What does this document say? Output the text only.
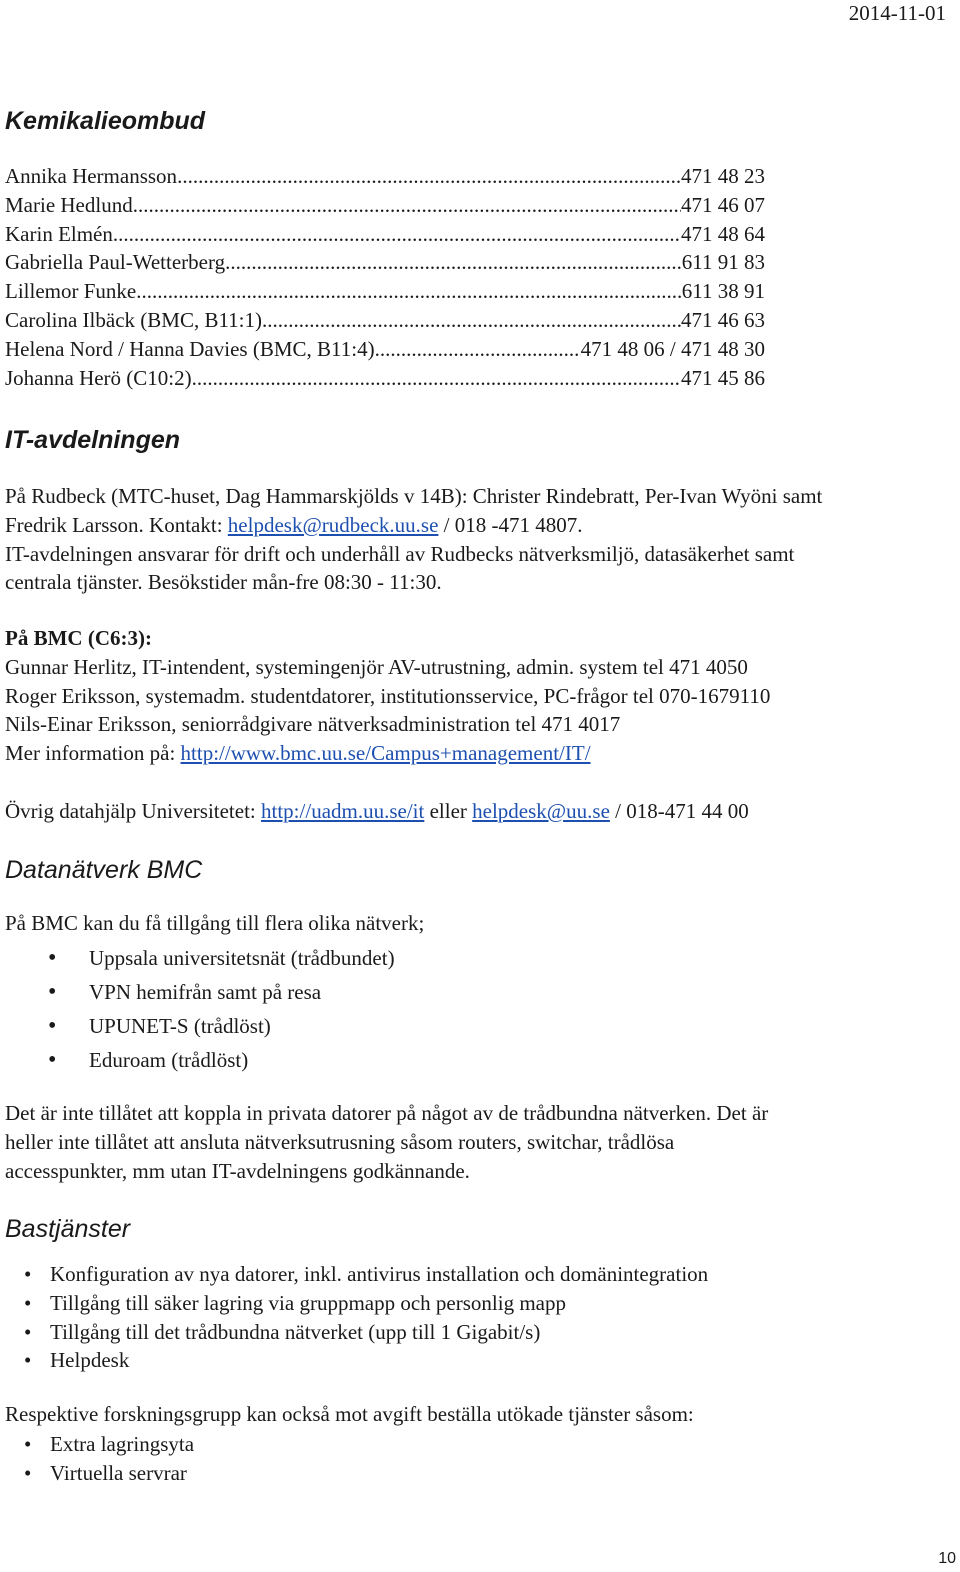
2014-11-01
Kemikalieombud
Annika Hermansson .....	471 48 23
Marie Hedlund .....	471 46 07
Karin Elmén .....	471 48 64
Gabriella Paul-Wetterberg .....	611 91 83
Lillemor Funke .....	611 38 91
Carolina Ilbäck (BMC, B11:1) .....	471 46 63
Helena Nord / Hanna Davies (BMC, B11:4) .....	471 48 06 / 471 48 30
Johanna Herö (C10:2) .....	471 45 86
IT-avdelningen
På Rudbeck (MTC-huset, Dag Hammarskjölds v 14B): Christer Rindebratt, Per-Ivan Wyöni samt
Fredrik Larsson. Kontakt: helpdesk@rudbeck.uu.se / 018 -471 4807.
IT-avdelningen ansvarar för drift och underhåll av Rudbecks nätverksmiljö, datasäkerhet samt
centrala tjänster. Besökstider mån-fre 08:30 - 11:30.
På BMC (C6:3):
Gunnar Herlitz, IT-intendent, systemingenjör AV-utrustning, admin. system tel 471 4050
Roger Eriksson, systemadm. studentdatorer, institutionsservice, PC-frågor tel 070-1679110
Nils-Einar Eriksson, seniorrådgivare nätverksadministration tel 471 4017
Mer information på: http://www.bmc.uu.se/Campus+management/IT/
Övrig datahjälp Universitetet: http://uadm.uu.se/it eller helpdesk@uu.se / 018-471 44 00
Datanätverk BMC
På BMC kan du få tillgång till flera olika nätverk;
• Uppsala universitetsnät (trådbundet)
• VPN hemifrån samt på resa
• UPUNET-S (trådlöst)
• Eduroam (trådlöst)
Det är inte tillåtet att koppla in privata datorer på något av de trådbundna nätverken. Det är
heller inte tillåtet att ansluta nätverksutrusning såsom routers, switchar, trådlösa
accesspunkter, mm utan IT-avdelningens godkännande.
Bastjänster
• Konfiguration av nya datorer, inkl. antivirus installation och domänintegration
• Tillgång till säker lagring via gruppmapp och personlig mapp
• Tillgång till det trådbundna nätverket (upp till 1 Gigabit/s)
• Helpdesk
Respektive forskningsgrupp kan också mot avgift beställa utökade tjänster såsom:
• Extra lagringsyta
• Virtuella servrar
10
